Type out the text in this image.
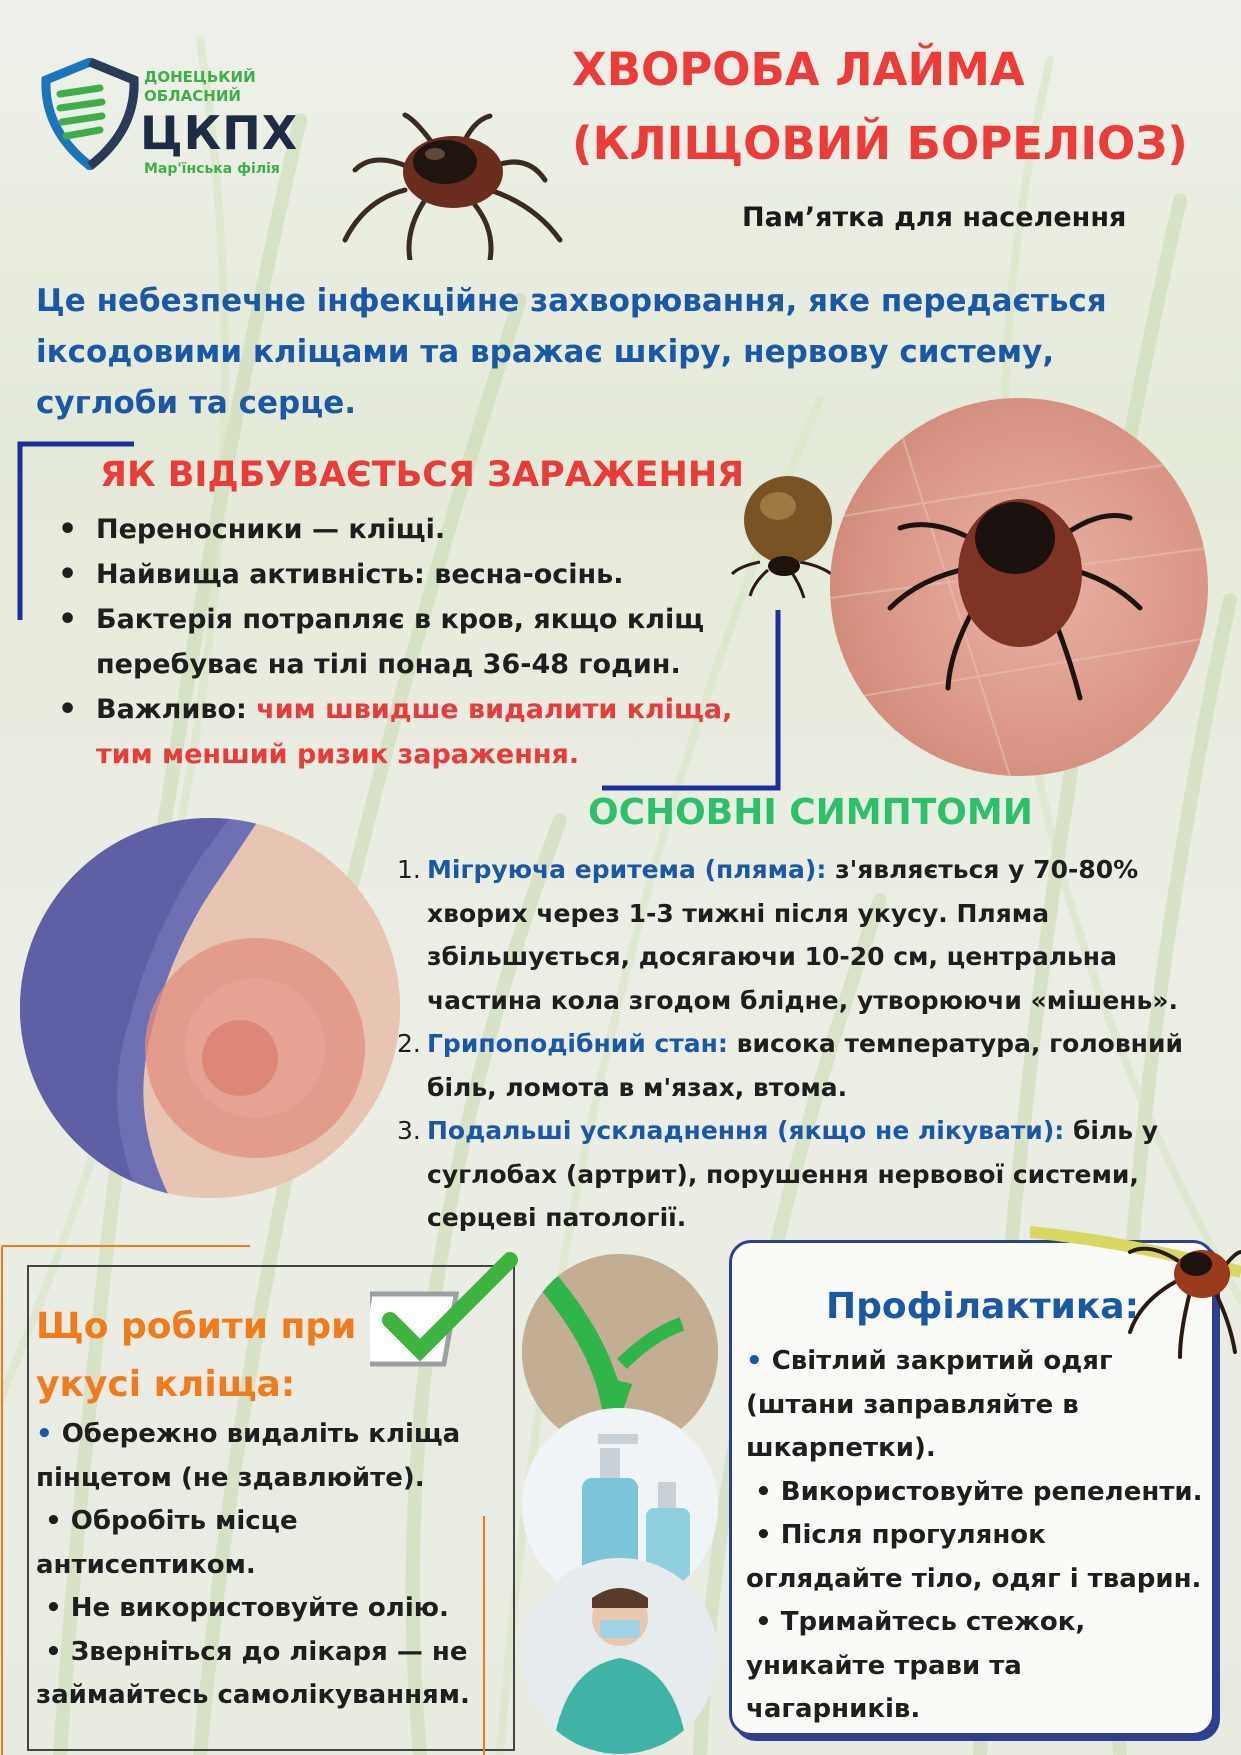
ДОНЕЦЬКИЙ
ОБЛАСНИЙ
ЦКПХ
Мар'їнська філія
ХВОРОБА ЛАЙМА
(КЛІЩОВИЙ БОРЕЛІОЗ)
Пам’ятка для населення
Це небезпечне інфекційне захворювання, яке передається
іксодовими кліщами та вражає шкіру, нервову систему,
суглоби та серце.
ЯК ВІДБУВАЄТЬСЯ ЗАРАЖЕННЯ
• Переносники — кліщі.
• Найвища активність: весна-осінь.
• Бактерія потрапляє в кров, якщо кліщ
перебуває на тілі понад 36-48 годин.
• Важливо: чим швидше видалити кліща,
тим менший ризик зараження.
ОСНОВНІ СИМПТОМИ
1. Мігруюча еритема (пляма): з'являється у 70-80%
хворих через 1-3 тижні після укусу. Пляма
збільшується, досягаючи 10-20 см, центральна
частина кола згодом блідне, утворюючи «мішень».
2. Грипоподібний стан: висока температура, головний
біль, ломота в м'язах, втома.
3. Подальші ускладнення (якщо не лікувати): біль у
суглобах (артрит), порушення нервової системи,
серцеві патології.
Що робити при
укусі кліща:
• Обережно видаліть кліща
пінцетом (не здавлюйте).
• Обробіть місце
антисептиком.
• Не використовуйте олію.
• Зверніться до лікаря — не
займайтесь самолікуванням.
Профілактика:
• Світлий закритий одяг
(штани заправляйте в
шкарпетки).
• Використовуйте репеленти.
• Після прогулянок
оглядайте тіло, одяг і тварин.
• Тримайтесь стежок,
уникайте трави та
чагарників.
